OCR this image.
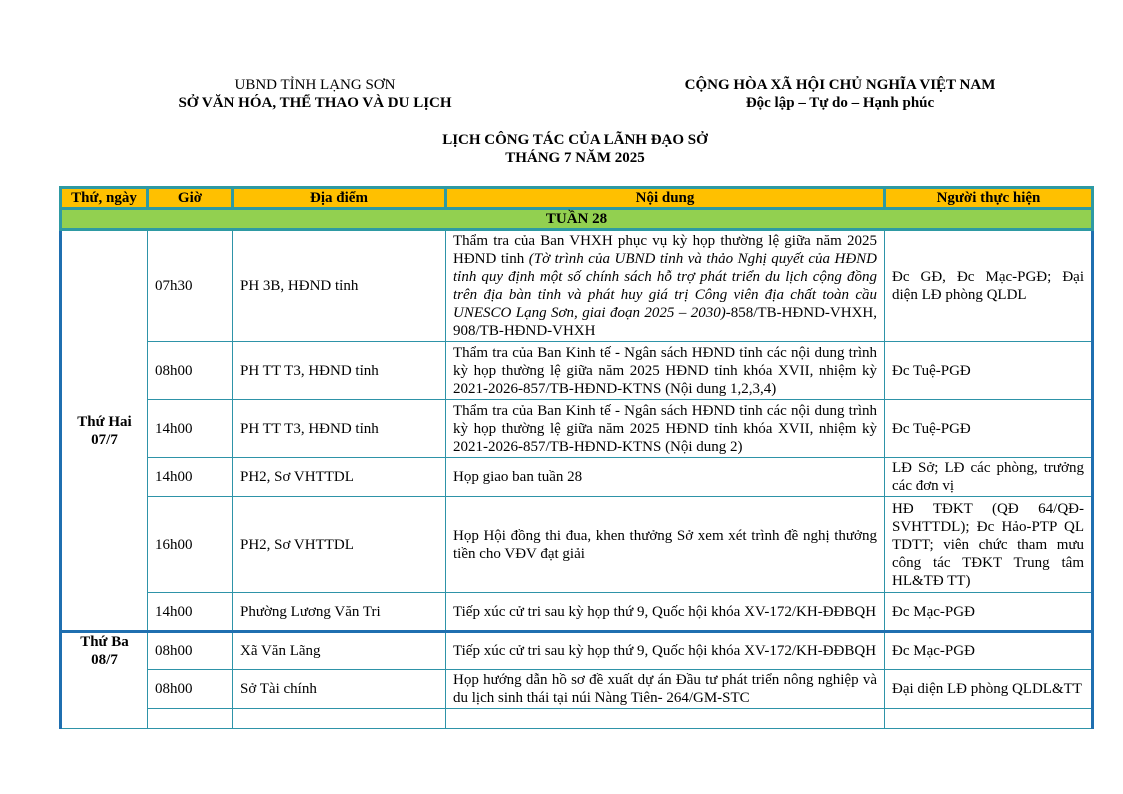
UBND TỈNH LẠNG SƠN
SỞ VĂN HÓA, THỂ THAO VÀ DU LỊCH
CỘNG HÒA XÃ HỘI CHỦ NGHĨA VIỆT NAM
Độc lập – Tự do – Hạnh phúc
LỊCH CÔNG TÁC CỦA LÃNH ĐẠO SỞ
THÁNG 7 NĂM 2025
Thứ, ngày	Giờ	Địa điểm	Nội dung	Người thực hiện
TUẦN 28				

Thứ Hai
07/7	07h30	PH 3B, HĐND tỉnh	Thẩm tra của Ban VHXH phục vụ kỳ họp thường lệ giữa năm 2025 HĐND tỉnh (Tờ trình của UBND tỉnh và thảo Nghị quyết của HĐND tỉnh quy định một số chính sách hỗ trợ phát triển du lịch cộng đồng trên địa bàn tỉnh và phát huy giá trị Công viên địa chất toàn cầu UNESCO Lạng Sơn, giai đoạn 2025 – 2030)-858/TB-HĐND-VHXH, 908/TB-HĐND-VHXH	Đc GĐ, Đc Mạc-PGĐ; Đại diện LĐ phòng QLDL
	08h00	PH TT T3, HĐND tỉnh	Thẩm tra của Ban Kinh tế - Ngân sách HĐND tỉnh các nội dung trình kỳ họp thường lệ giữa năm 2025 HĐND tỉnh khóa XVII, nhiệm kỳ 2021-2026-857/TB-HĐND-KTNS (Nội dung 1,2,3,4)	Đc Tuệ-PGĐ
	14h00	PH TT T3, HĐND tỉnh	Thẩm tra của Ban Kinh tế - Ngân sách HĐND tỉnh các nội dung trình kỳ họp thường lệ giữa năm 2025 HĐND tỉnh khóa XVII, nhiệm kỳ 2021-2026-857/TB-HĐND-KTNS (Nội dung 2)	Đc Tuệ-PGĐ
	14h00	PH2, Sơ VHTTDL	Họp giao ban tuần 28	LĐ Sở; LĐ các phòng, trưởng các đơn vị
	16h00	PH2, Sơ VHTTDL	Họp Hội đồng thi đua, khen thưởng Sở xem xét trình đề nghị thưởng tiền cho VĐV đạt giải	HĐ TĐKT (QĐ 64/QĐ-SVHTTDL); Đc Hảo-PTP QL TDTT; viên chức tham mưu công tác TĐKT Trung tâm HL&TĐ TT)
	14h00	Phường Lương Văn Tri	Tiếp xúc cử tri sau kỳ họp thứ 9, Quốc hội khóa XV-172/KH-ĐĐBQH	Đc Mạc-PGĐ

Thứ Ba
08/7	08h00	Xã Văn Lãng	Tiếp xúc cử tri sau kỳ họp thứ 9, Quốc hội khóa XV-172/KH-ĐĐBQH	Đc Mạc-PGĐ
	08h00	Sở Tài chính	Họp hướng dẫn hồ sơ đề xuất dự án Đầu tư phát triển nông nghiệp và du lịch sinh thái tại núi Nàng Tiên- 264/GM-STC	Đại diện LĐ phòng QLDL&TT
